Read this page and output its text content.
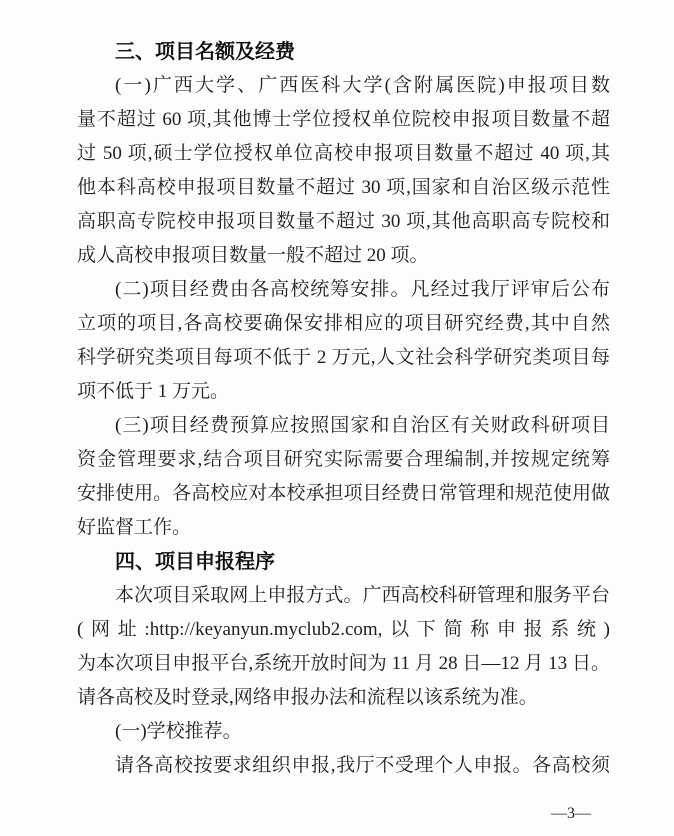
三、项目名额及经费
(一)广西大学、广西医科大学(含附属医院)申报项目数
量不超过 60 项,其他博士学位授权单位院校申报项目数量不超
过 50 项,硕士学位授权单位高校申报项目数量不超过 40 项,其
他本科高校申报项目数量不超过 30 项,国家和自治区级示范性
高职高专院校申报项目数量不超过 30 项,其他高职高专院校和
成人高校申报项目数量一般不超过 20 项。
(二)项目经费由各高校统筹安排。凡经过我厅评审后公布
立项的项目,各高校要确保安排相应的项目研究经费,其中自然
科学研究类项目每项不低于 2 万元,人文社会科学研究类项目每
项不低于 1 万元。
(三)项目经费预算应按照国家和自治区有关财政科研项目
资金管理要求,结合项目研究实际需要合理编制,并按规定统筹
安排使用。各高校应对本校承担项目经费日常管理和规范使用做
好监督工作。
四、项目申报程序
本次项目采取网上申报方式。广西高校科研管理和服务平台
(网址:http://keyanyun.myclub2.com,以下简称申报系统)
为本次项目申报平台,系统开放时间为 11 月 28 日—12 月 13 日。
请各高校及时登录,网络申报办法和流程以该系统为准。
(一)学校推荐。
请各高校按要求组织申报,我厅不受理个人申报。各高校须
—3—
